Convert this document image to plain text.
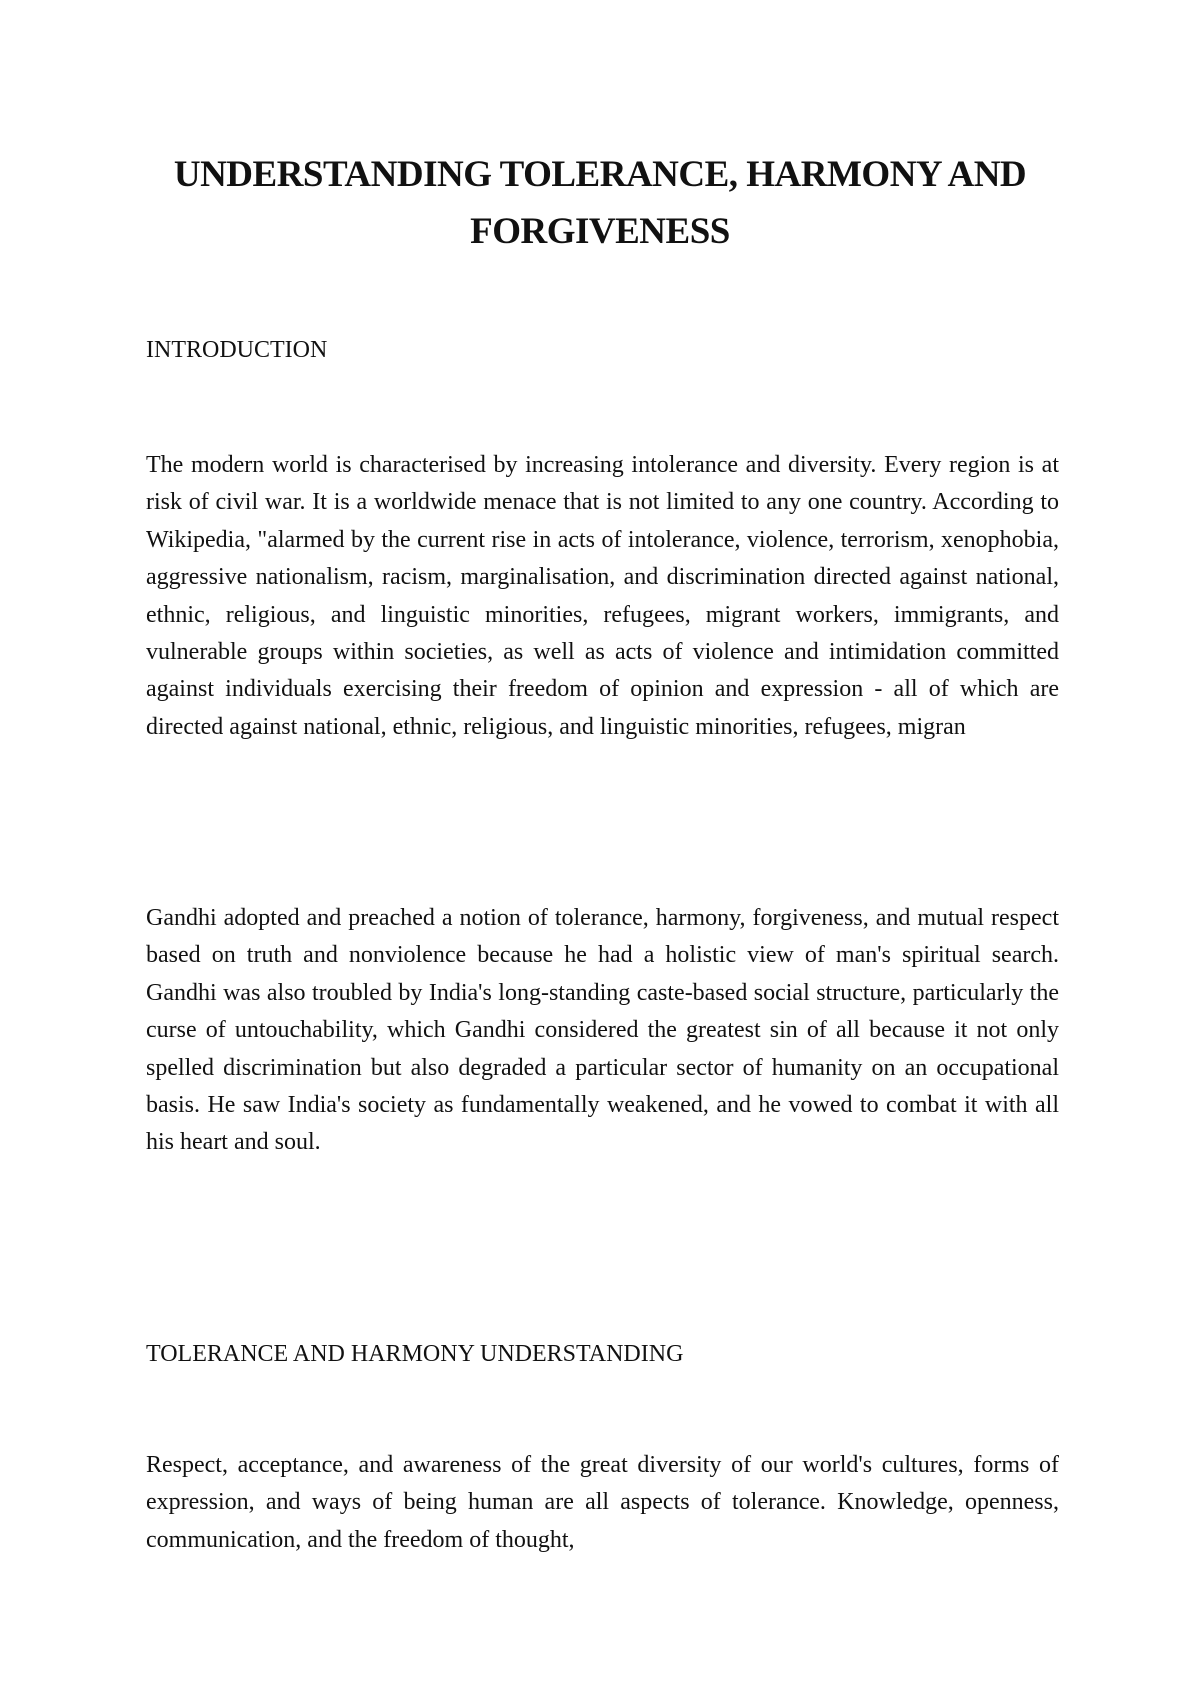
UNDERSTANDING TOLERANCE, HARMONY AND FORGIVENESS
INTRODUCTION

The modern world is characterised by increasing intolerance and diversity. Every region is at risk of civil war. It is a worldwide menace that is not limited to any one country. According to Wikipedia, "alarmed by the current rise in acts of intolerance, violence, terrorism, xenophobia, aggressive nationalism, racism, marginalisation, and discrimination directed against national, ethnic, religious, and linguistic minorities, refugees, migrant workers, immigrants, and vulnerable groups within societies, as well as acts of violence and intimidation committed against individuals exercising their freedom of opinion and expression - all of which are directed against national, ethnic, religious, and linguistic minorities, refugees, migran

Gandhi adopted and preached a notion of tolerance, harmony, forgiveness, and mutual respect based on truth and nonviolence because he had a holistic view of man's spiritual search. Gandhi was also troubled by India's long-standing caste-based social structure, particularly the curse of untouchability, which Gandhi considered the greatest sin of all because it not only spelled discrimination but also degraded a particular sector of humanity on an occupational basis. He saw India's society as fundamentally weakened, and he vowed to combat it with all his heart and soul.

TOLERANCE AND HARMONY UNDERSTANDING

Respect, acceptance, and awareness of the great diversity of our world's cultures, forms of expression, and ways of being human are all aspects of tolerance. Knowledge, openness, communication, and the freedom of thought,
